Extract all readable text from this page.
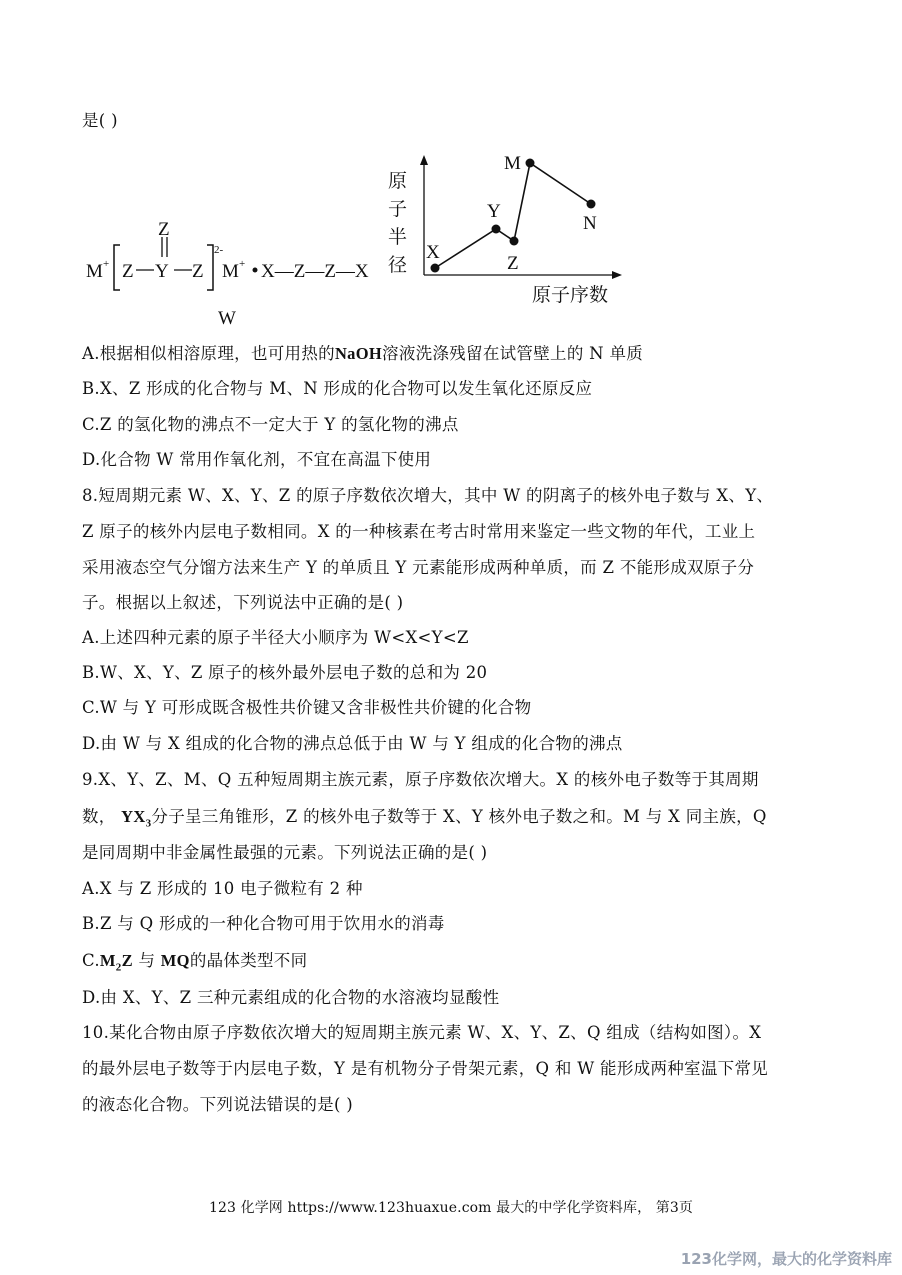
是( )
M + Z Y
Z
Z
2-
M + X—Z—Z—X
W
原
子
半
径
原子序数
X
Y
Z
M
N
A.根据相似相溶原理，也可用热的NaOH溶液洗涤残留在试管壁上的 N 单质
B.X、Z 形成的化合物与 M、N 形成的化合物可以发生氧化还原反应
C.Z 的氢化物的沸点不一定大于 Y 的氢化物的沸点
D.化合物 W 常用作氧化剂，不宜在高温下使用
8.短周期元素 W、X、Y、Z 的原子序数依次增大，其中 W 的阴离子的核外电子数与 X、Y、
Z 原子的核外内层电子数相同。X 的一种核素在考古时常用来鉴定一些文物的年代，工业上
采用液态空气分馏方法来生产 Y 的单质且 Y 元素能形成两种单质，而 Z 不能形成双原子分
子。根据以上叙述，下列说法中正确的是( )
A.上述四种元素的原子半径大小顺序为 W<X<Y<Z
B.W、X、Y、Z 原子的核外最外层电子数的总和为 20
C.W 与 Y 可形成既含极性共价键又含非极性共价键的化合物
D.由 W 与 X 组成的化合物的沸点总低于由 W 与 Y 组成的化合物的沸点
9.X、Y、Z、M、Q 五种短周期主族元素，原子序数依次增大。X 的核外电子数等于其周期
数， $YX_3$分子呈三角锥形，Z 的核外电子数等于 X、Y 核外电子数之和。M 与 X 同主族，Q
是同周期中非金属性最强的元素。下列说法正确的是( )
A.X 与 Z 形成的 10 电子微粒有 2 种
B.Z 与 Q 形成的一种化合物可用于饮用水的消毒
$C.M_2Z$ 与 MQ的晶体类型不同
D.由 X、Y、Z 三种元素组成的化合物的水溶液均显酸性
10.某化合物由原子序数依次增大的短周期主族元素 W、X、Y、Z、Q 组成（结构如图）。X
的最外层电子数等于内层电子数，Y 是有机物分子骨架元素，Q 和 W 能形成两种室温下常见
的液态化合物。下列说法错误的是( )
123 化学网 https://www.123huaxue.com 最大的中学化学资料库， 第3页
123化学网，最大的化学资料库
